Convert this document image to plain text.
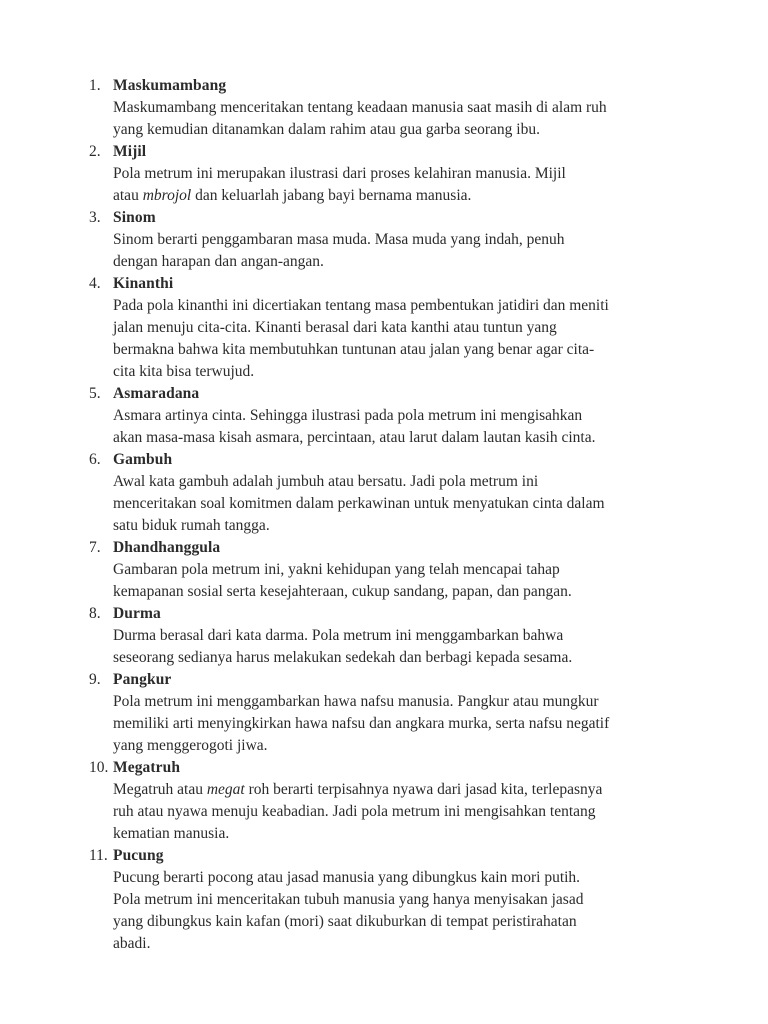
1. Maskumambang
Maskumambang menceritakan tentang keadaan manusia saat masih di alam ruh
yang kemudian ditanamkan dalam rahim atau gua garba seorang ibu.
2. Mijil
Pola metrum ini merupakan ilustrasi dari proses kelahiran manusia. Mijil
atau mbrojol dan keluarlah jabang bayi bernama manusia.
3. Sinom
Sinom berarti penggambaran masa muda. Masa muda yang indah, penuh
dengan harapan dan angan-angan.
4. Kinanthi
Pada pola kinanthi ini dicertiakan tentang masa pembentukan jatidiri dan meniti
jalan menuju cita-cita. Kinanti berasal dari kata kanthi atau tuntun yang
bermakna bahwa kita membutuhkan tuntunan atau jalan yang benar agar cita-
cita kita bisa terwujud.
5. Asmaradana
Asmara artinya cinta. Sehingga ilustrasi pada pola metrum ini mengisahkan
akan masa-masa kisah asmara, percintaan, atau larut dalam lautan kasih cinta.
6. Gambuh
Awal kata gambuh adalah jumbuh atau bersatu. Jadi pola metrum ini
menceritakan soal komitmen dalam perkawinan untuk menyatukan cinta dalam
satu biduk rumah tangga.
7. Dhandhanggula
Gambaran pola metrum ini, yakni kehidupan yang telah mencapai tahap
kemapanan sosial serta kesejahteraan, cukup sandang, papan, dan pangan.
8. Durma
Durma berasal dari kata darma. Pola metrum ini menggambarkan bahwa
seseorang sedianya harus melakukan sedekah dan berbagi kepada sesama.
9. Pangkur
Pola metrum ini menggambarkan hawa nafsu manusia. Pangkur atau mungkur
memiliki arti menyingkirkan hawa nafsu dan angkara murka, serta nafsu negatif
yang menggerogoti jiwa.
10. Megatruh
Megatruh atau megat roh berarti terpisahnya nyawa dari jasad kita, terlepasnya
ruh atau nyawa menuju keabadian. Jadi pola metrum ini mengisahkan tentang
kematian manusia.
11. Pucung
Pucung berarti pocong atau jasad manusia yang dibungkus kain mori putih.
Pola metrum ini menceritakan tubuh manusia yang hanya menyisakan jasad
yang dibungkus kain kafan (mori) saat dikuburkan di tempat peristirahatan
abadi.
